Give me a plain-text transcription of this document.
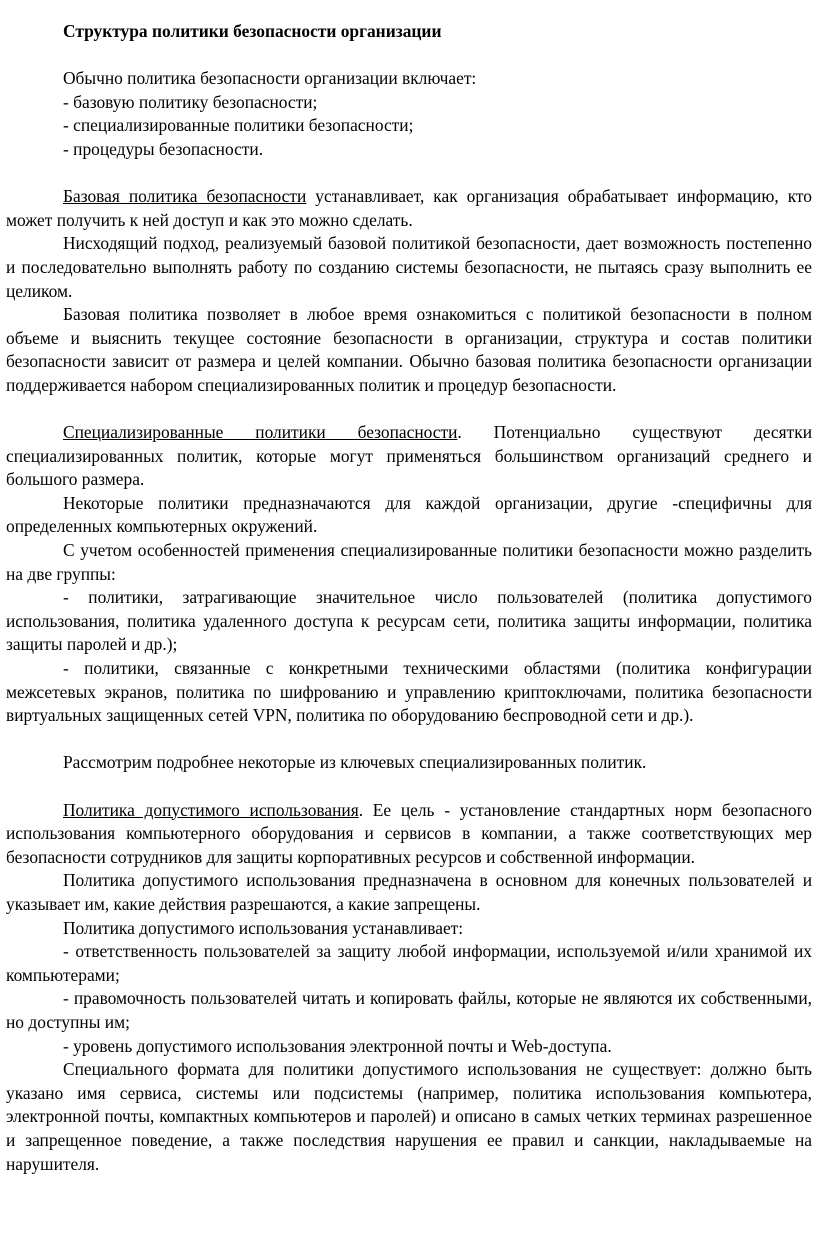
Структура политики безопасности организации

Обычно политика безопасности организации включает:

- базовую политику безопасности;

- специализированные политики безопасности;

- процедуры безопасности.

Базовая политика безопасности устанавливает, как организация обрабатывает информацию, кто может получить к ней доступ и как это можно сделать.

Нисходящий подход, реализуемый базовой политикой безопасности, дает возможность постепенно и последовательно выполнять работу по созданию системы безопасности, не пытаясь сразу выполнить ее целиком.

Базовая политика позволяет в любое время ознакомиться с политикой безопасности в полном объеме и выяснить текущее состояние безопасности в организации, структура и состав политики безопасности зависит от размера и целей компании. Обычно базовая политика безопасности организации поддерживается набором специализированных политик и процедур безопасности.

Специализированные политики безопасности. Потенциально существуют десятки специализированных политик, которые могут применяться большинством организаций среднего и большого размера.

Некоторые политики предназначаются для каждой организации, другие -специфичны для определенных компьютерных окружений.

С учетом особенностей применения специализированные политики безопасности можно разделить на две группы:

- политики, затрагивающие значительное число пользователей (политика допустимого использования, политика удаленного доступа к ресурсам сети, политика защиты информации, политика защиты паролей и др.);

- политики, связанные с конкретными техническими областями (политика конфигурации межсетевых экранов, политика по шифрованию и управлению криптоключами, политика безопасности виртуальных защищенных сетей VPN, политика по оборудованию беспроводной сети и др.).

Рассмотрим подробнее некоторые из ключевых специализированных политик.

Политика допустимого использования. Ее цель - установление стандартных норм безопасного использования компьютерного оборудования и сервисов в компании, а также соответствующих мер безопасности сотрудников для защиты корпоративных ресурсов и собственной информации.

Политика допустимого использования предназначена в основном для конечных пользователей и указывает им, какие действия разрешаются, а какие запрещены.

Политика допустимого использования устанавливает:

- ответственность пользователей за защиту любой информации, используемой и/или хранимой их компьютерами;

- правомочность пользователей читать и копировать файлы, которые не являются их собственными, но доступны им;

- уровень допустимого использования электронной почты и Web-доступа.

Специального формата для политики допустимого использования не существует: должно быть указано имя сервиса, системы или подсистемы (например, политика использования компьютера, электронной почты, компактных компьютеров и паролей) и описано в самых четких терминах разрешенное и запрещенное поведение, а также последствия нарушения ее правил и санкции, накладываемые на нарушителя.
